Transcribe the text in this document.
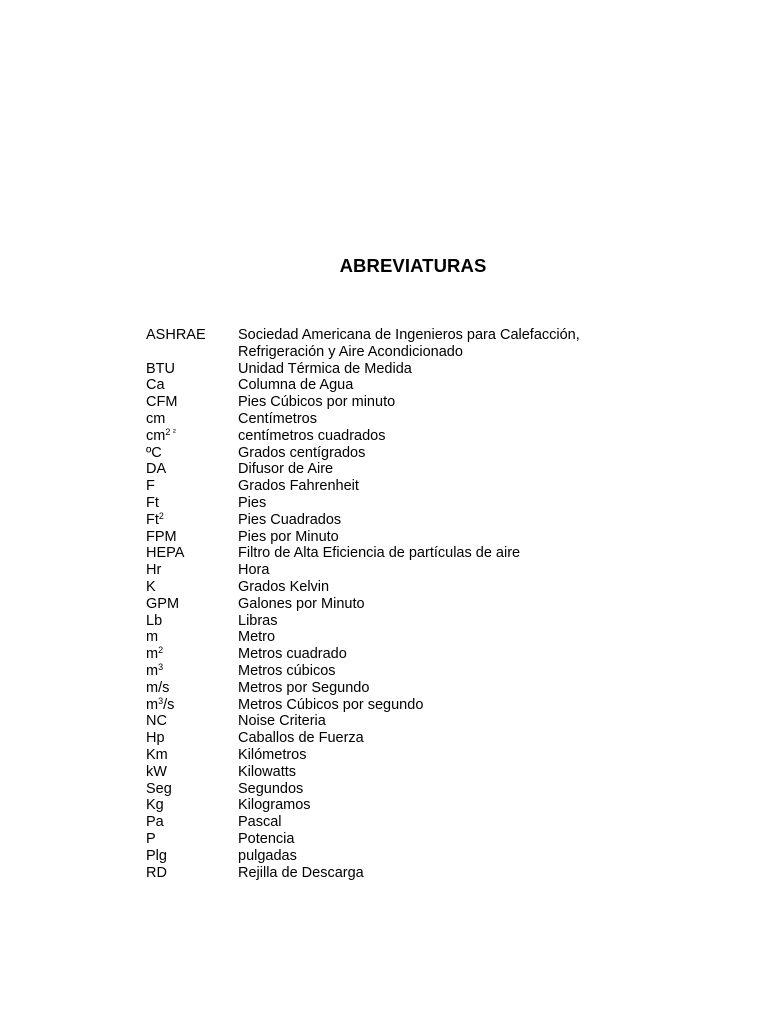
ABREVIATURAS
ASHRAE Sociedad Americana de Ingenieros para Calefacción,
Refrigeración y Aire Acondicionado
BTU	Unidad Térmica de Medida
Ca	Columna de Agua
CFM	Pies Cúbicos por minuto
cm	Centímetros
$cm^{2 ^2}$	centímetros cuadrados
ºC	Grados centígrados
DA	Difusor de Aire
F	Grados Fahrenheit
Ft	Pies
Ft$^2$	Pies Cuadrados
FPM	Pies por Minuto
HEPA	Filtro de Alta Eficiencia de partículas de aire
Hr	Hora
K	Grados Kelvin
GPM	Galones por Minuto
Lb	Libras
m	Metro
$m^2$	Metros cuadrado
$m^3$	Metros cúbicos
m/s	Metros por Segundo
$m^3/s$	Metros Cúbicos por segundo
NC	Noise Criteria
Hp	Caballos de Fuerza
Km	Kilómetros
kW	Kilowatts
Seg	Segundos
Kg	Kilogramos
Pa	Pascal
P	Potencia
Plg	pulgadas
RD	Rejilla de Descarga
